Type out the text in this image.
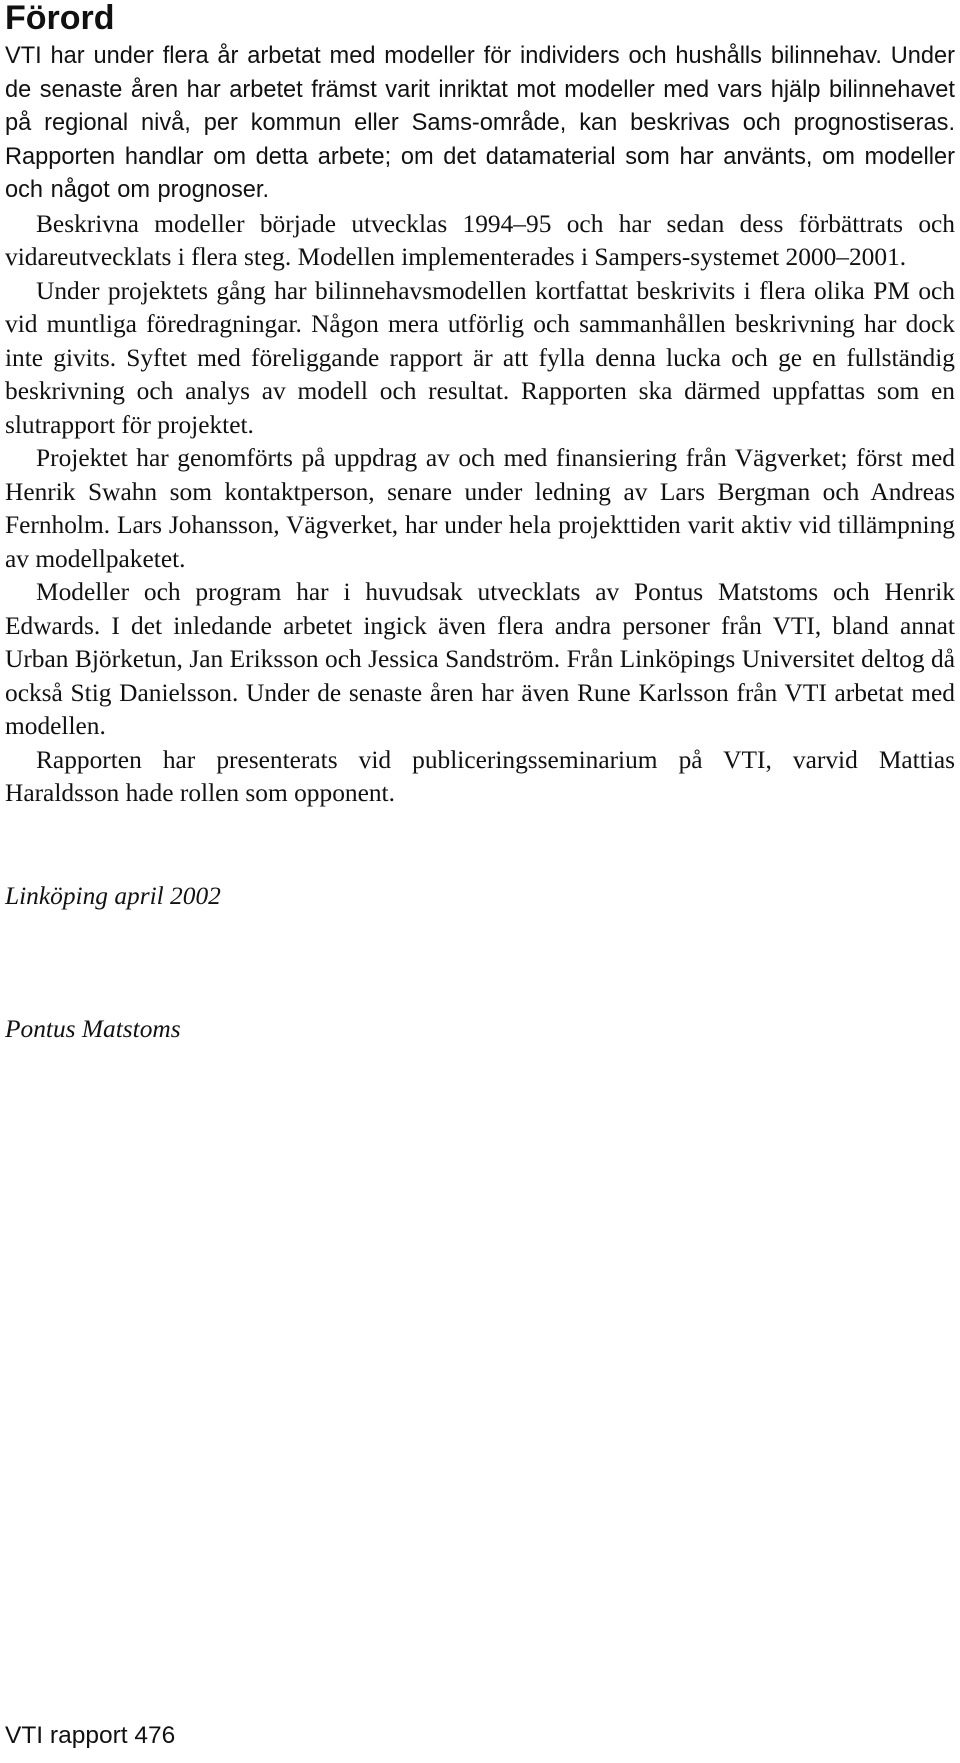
Förord

VTI har under flera år arbetat med modeller för individers och hushålls bilinnehav. Under de senaste åren har arbetet främst varit inriktat mot modeller med vars hjälp bilinnehavet på regional nivå, per kommun eller Sams-område, kan beskrivas och prognostiseras. Rapporten handlar om detta arbete; om det datamaterial som har använts, om modeller och något om prognoser.

Beskrivna modeller började utvecklas 1994–95 och har sedan dess förbättrats och vidareutvecklats i flera steg. Modellen implementerades i Sampers-systemet 2000–2001.

Under projektets gång har bilinnehavsmodellen kortfattat beskrivits i flera olika PM och vid muntliga föredragningar. Någon mera utförlig och sammanhållen beskrivning har dock inte givits. Syftet med föreliggande rapport är att fylla denna lucka och ge en fullständig beskrivning och analys av modell och resultat. Rapporten ska därmed uppfattas som en slutrapport för projektet.

Projektet har genomförts på uppdrag av och med finansiering från Vägverket; först med Henrik Swahn som kontaktperson, senare under ledning av Lars Bergman och Andreas Fernholm. Lars Johansson, Vägverket, har under hela projekttiden varit aktiv vid tillämpning av modellpaketet.

Modeller och program har i huvudsak utvecklats av Pontus Matstoms och Henrik Edwards. I det inledande arbetet ingick även flera andra personer från VTI, bland annat Urban Björketun, Jan Eriksson och Jessica Sandström. Från Linköpings Universitet deltog då också Stig Danielsson. Under de senaste åren har även Rune Karlsson från VTI arbetat med modellen.

Rapporten har presenterats vid publiceringsseminarium på VTI, varvid Mattias Haraldsson hade rollen som opponent.

Linköping april 2002

Pontus Matstoms

VTI rapport 476
